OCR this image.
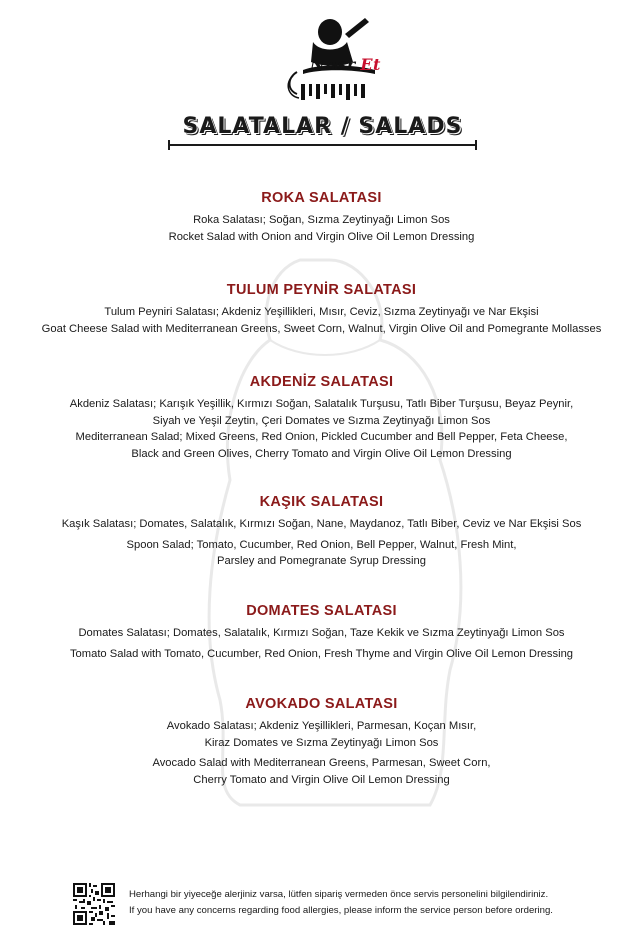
Nusr.Et
SALATALAR / SALADS
ROKA SALATASI
Roka Salatası; Soğan, Sızma Zeytinyağı Limon Sos
Rocket Salad with Onion and Virgin Olive Oil Lemon Dressing
TULUM PEYNİR SALATASI
Tulum Peyniri Salatası; Akdeniz Yeşillikleri, Mısır, Ceviz, Sızma Zeytinyağı ve Nar Ekşisi
Goat Cheese Salad with Mediterranean Greens, Sweet Corn, Walnut, Virgin Olive Oil and Pomegrante Mollasses
AKDENİZ SALATASI
Akdeniz Salatası; Karışık Yeşillik, Kırmızı Soğan, Salatalık Turşusu, Tatlı Biber Turşusu, Beyaz Peynir,
Siyah ve Yeşil Zeytin, Çeri Domates ve Sızma Zeytinyağı Limon Sos
Mediterranean Salad; Mixed Greens, Red Onion, Pickled Cucumber and Bell Pepper, Feta Cheese,
Black and Green Olives, Cherry Tomato and Virgin Olive Oil Lemon Dressing
KAŞIK SALATASI
Kaşık Salatası; Domates, Salatalık, Kırmızı Soğan, Nane, Maydanoz, Tatlı Biber, Ceviz ve Nar Ekşisi Sos
Spoon Salad; Tomato, Cucumber, Red Onion, Bell Pepper, Walnut, Fresh Mint,
Parsley and Pomegranate Syrup Dressing
DOMATES SALATASI
Domates Salatası; Domates, Salatalık, Kırmızı Soğan, Taze Kekik ve Sızma Zeytinyağı Limon Sos
Tomato Salad with Tomato, Cucumber, Red Onion, Fresh Thyme and Virgin Olive Oil Lemon Dressing
AVOKADO SALATASI
Avokado Salatası; Akdeniz Yeşillikleri, Parmesan, Koçan Mısır,
Kiraz Domates ve Sızma Zeytinyağı Limon Sos
Avocado Salad with Mediterranean Greens, Parmesan, Sweet Corn,
Cherry Tomato and Virgin Olive Oil Lemon Dressing
Herhangi bir yiyeceğe alerjiniz varsa, lütfen sipariş vermeden önce servis personelini bilgilendiriniz.
If you have any concerns regarding food allergies, please inform the service person before ordering.
